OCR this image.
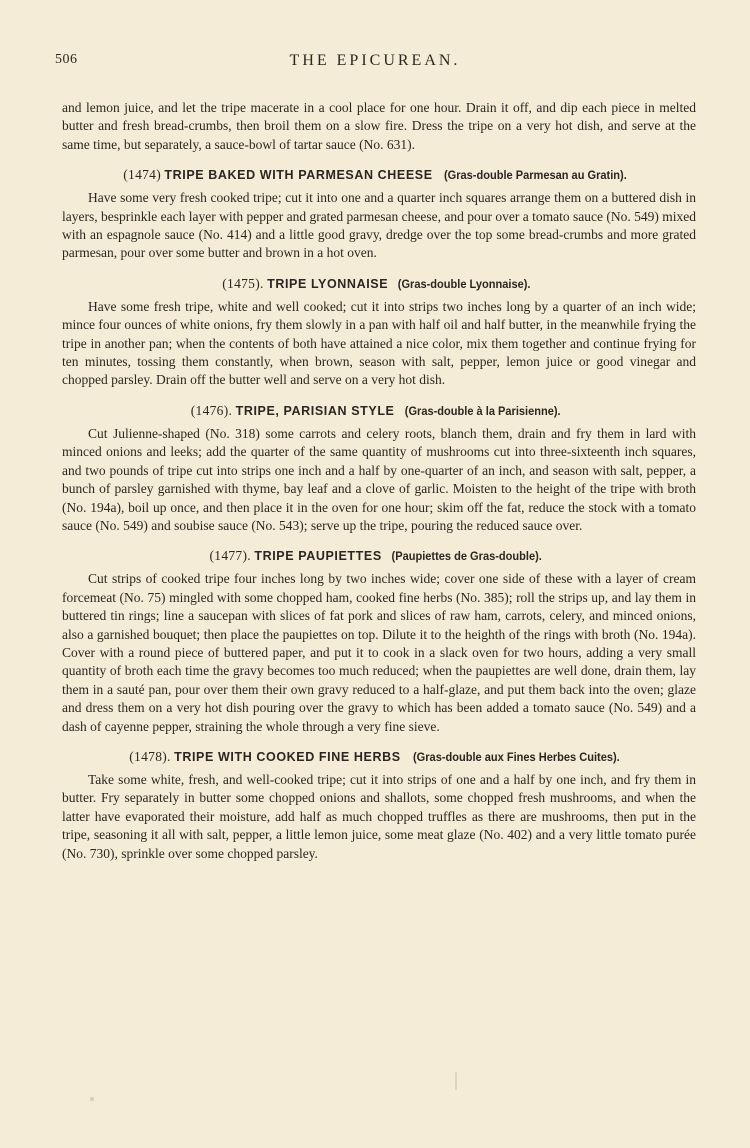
506	THE EPICUREAN.

and lemon juice, and let the tripe macerate in a cool place for one hour. Drain it off, and dip each piece in melted butter and fresh bread-crumbs, then broil them on a slow fire. Dress the tripe on a very hot dish, and serve at the same time, but separately, a sauce-bowl of tartar sauce (No. 631).

(1474) TRIPE BAKED WITH PARMESAN CHEESE (Gras-double Parmesan au Gratin).

Have some very fresh cooked tripe; cut it into one and a quarter inch squares arrange them on a buttered dish in layers, besprinkle each layer with pepper and grated parmesan cheese, and pour over a tomato sauce (No. 549) mixed with an espagnole sauce (No. 414) and a little good gravy, dredge over the top some bread-crumbs and more grated parmesan, pour over some butter and brown in a hot oven.

(1475). TRIPE LYONNAISE (Gras-double Lyonnaise).

Have some fresh tripe, white and well cooked; cut it into strips two inches long by a quarter of an inch wide; mince four ounces of white onions, fry them slowly in a pan with half oil and half butter, in the meanwhile frying the tripe in another pan; when the contents of both have attained a nice color, mix them together and continue frying for ten minutes, tossing them constantly, when brown, season with salt, pepper, lemon juice or good vinegar and chopped parsley. Drain off the butter well and serve on a very hot dish.

(1476). TRIPE, PARISIAN STYLE (Gras-double à la Parisienne).

Cut Julienne-shaped (No. 318) some carrots and celery roots, blanch them, drain and fry them in lard with minced onions and leeks; add the quarter of the same quantity of mushrooms cut into three-sixteenth inch squares, and two pounds of tripe cut into strips one inch and a half by one-quarter of an inch, and season with salt, pepper, a bunch of parsley garnished with thyme, bay leaf and a clove of garlic. Moisten to the height of the tripe with broth (No. 194a), boil up once, and then place it in the oven for one hour; skim off the fat, reduce the stock with a tomato sauce (No. 549) and soubise sauce (No. 543); serve up the tripe, pouring the reduced sauce over.

(1477). TRIPE PAUPIETTES (Paupiettes de Gras-double).

Cut strips of cooked tripe four inches long by two inches wide; cover one side of these with a layer of cream forcemeat (No. 75) mingled with some chopped ham, cooked fine herbs (No. 385); roll the strips up, and lay them in buttered tin rings; line a saucepan with slices of fat pork and slices of raw ham, carrots, celery, and minced onions, also a garnished bouquet; then place the paupiettes on top. Dilute it to the heighth of the rings with broth (No. 194a). Cover with a round piece of buttered paper, and put it to cook in a slack oven for two hours, adding a very small quantity of broth each time the gravy becomes too much reduced; when the paupiettes are well done, drain them, lay them in a sauté pan, pour over them their own gravy reduced to a half-glaze, and put them back into the oven; glaze and dress them on a very hot dish pouring over the gravy to which has been added a tomato sauce (No. 549) and a dash of cayenne pepper, straining the whole through a very fine sieve.

(1478). TRIPE WITH COOKED FINE HERBS (Gras-double aux Fines Herbes Cuites).

Take some white, fresh, and well-cooked tripe; cut it into strips of one and a half by one inch, and fry them in butter. Fry separately in butter some chopped onions and shallots, some chopped fresh mushrooms, and when the latter have evaporated their moisture, add half as much chopped truffles as there are mushrooms, then put in the tripe, seasoning it all with salt, pepper, a little lemon juice, some meat glaze (No. 402) and a very little tomato purée (No. 730), sprinkle over some chopped parsley.
